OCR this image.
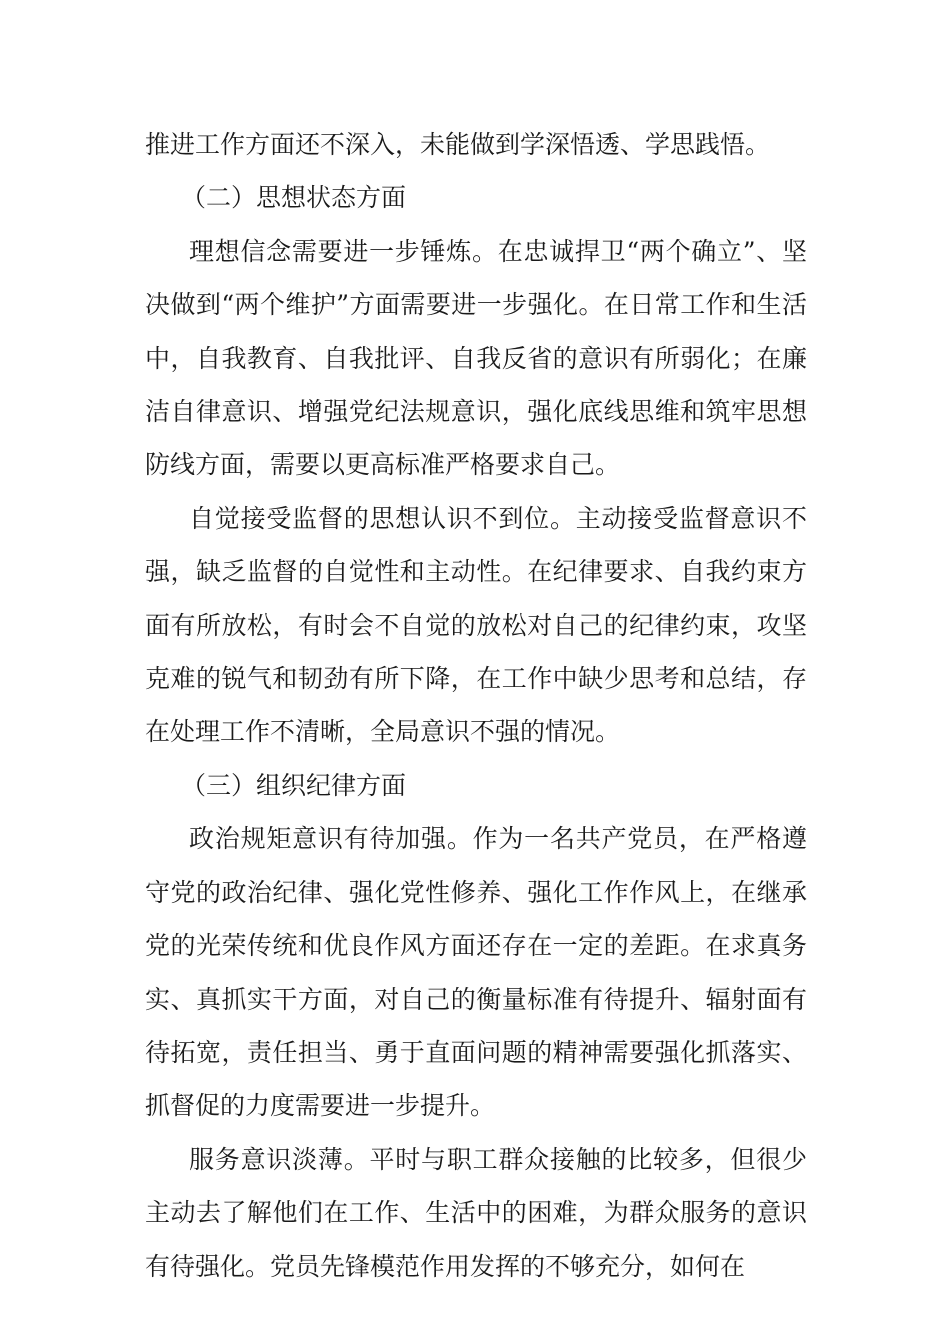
推进工作方面还不深入，未能做到学深悟透、学思践悟。

（二）思想状态方面

理想信念需要进一步锤炼。在忠诚捍卫“两个确立”、坚决做到“两个维护”方面需要进一步强化。在日常工作和生活中，自我教育、自我批评、自我反省的意识有所弱化；在廉洁自律意识、增强党纪法规意识，强化底线思维和筑牢思想防线方面，需要以更高标准严格要求自己。

自觉接受监督的思想认识不到位。主动接受监督意识不强，缺乏监督的自觉性和主动性。在纪律要求、自我约束方面有所放松，有时会不自觉的放松对自己的纪律约束，攻坚克难的锐气和韧劲有所下降，在工作中缺少思考和总结，存在处理工作不清晰，全局意识不强的情况。

（三）组织纪律方面

政治规矩意识有待加强。作为一名共产党员，在严格遵守党的政治纪律、强化党性修养、强化工作作风上，在继承党的光荣传统和优良作风方面还存在一定的差距。在求真务实、真抓实干方面，对自己的衡量标准有待提升、辐射面有待拓宽，责任担当、勇于直面问题的精神需要强化抓落实、抓督促的力度需要进一步提升。

服务意识淡薄。平时与职工群众接触的比较多，但很少主动去了解他们在工作、生活中的困难，为群众服务的意识有待强化。党员先锋模范作用发挥的不够充分，如何在
